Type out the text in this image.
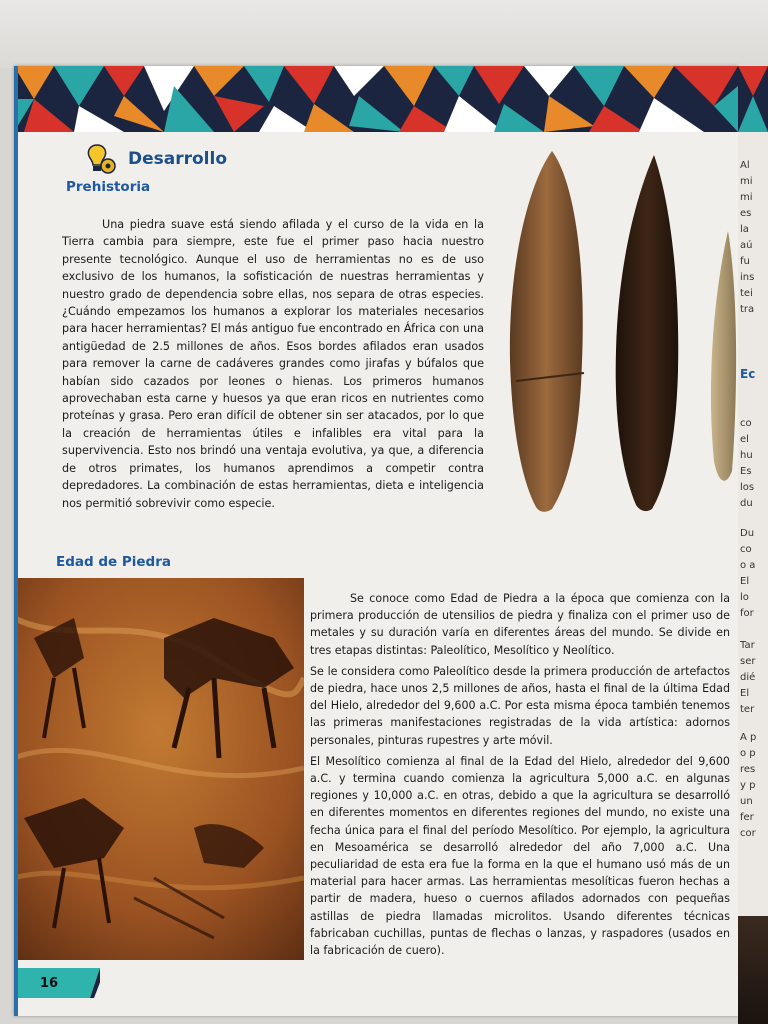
Desarrollo
Prehistoria

Una piedra suave está siendo afilada y el curso de la vida en la Tierra cambia para siempre, este fue el primer paso hacia nuestro presente tecnológico. Aunque el uso de herramientas no es de uso exclusivo de los humanos, la sofisticación de nuestras herramientas y nuestro grado de dependencia sobre ellas, nos separa de otras especies. ¿Cuándo empezamos los humanos a explorar los materiales necesarios para hacer herramientas? El más antiguo fue encontrado en África con una antigüedad de 2.5 millones de años. Esos bordes afilados eran usados para remover la carne de cadáveres grandes como jirafas y búfalos que habían sido cazados por leones o hienas. Los primeros humanos aprovechaban esta carne y huesos ya que eran ricos en nutrientes como proteínas y grasa. Pero eran difícil de obtener sin ser atacados, por lo que la creación de herramientas útiles e infalibles era vital para la supervivencia. Esto nos brindó una ventaja evolutiva, ya que, a diferencia de otros primates, los humanos aprendimos a competir contra depredadores. La combinación de estas herramientas, dieta e inteligencia nos permitió sobrevivir como especie.

Edad de Piedra

Se conoce como Edad de Piedra a la época que comienza con la primera producción de utensilios de piedra y finaliza con el primer uso de metales y su duración varía en diferentes áreas del mundo. Se divide en tres etapas distintas: Paleolítico, Mesolítico y Neolítico.

Se le considera como Paleolítico desde la primera producción de artefactos de piedra, hace unos 2,5 millones de años, hasta el final de la última Edad del Hielo, alrededor del 9,600 a.C. Por esta misma época también tenemos las primeras manifestaciones registradas de la vida artística: adornos personales, pinturas rupestres y arte móvil.

El Mesolítico comienza al final de la Edad del Hielo, alrededor del 9,600 a.C. y termina cuando comienza la agricultura 5,000 a.C. en algunas regiones y 10,000 a.C. en otras, debido a que la agricultura se desarrolló en diferentes momentos en diferentes regiones del mundo, no existe una fecha única para el final del período Mesolítico. Por ejemplo, la agricultura en Mesoamérica se desarrolló alrededor del año 7,000 a.C. Una peculiaridad de esta era fue la forma en la que el humano usó más de un material para hacer armas. Las herramientas mesolíticas fueron hechas a partir de madera, hueso o cuernos afilados adornados con pequeñas astillas de piedra llamadas microlitos. Usando diferentes técnicas fabricaban cuchillas, puntas de flechas o lanzas, y raspadores (usados en la fabricación de cuero).

16
Al
mi
mi
es
la
aú
fu
ins
tei
tra
Ec
co
el
hu
Es
los
du
Du
co
o a
El
lo
for
Tar
ser
dié
El
ter
A p
o p
res
y p
un
fer
cor
